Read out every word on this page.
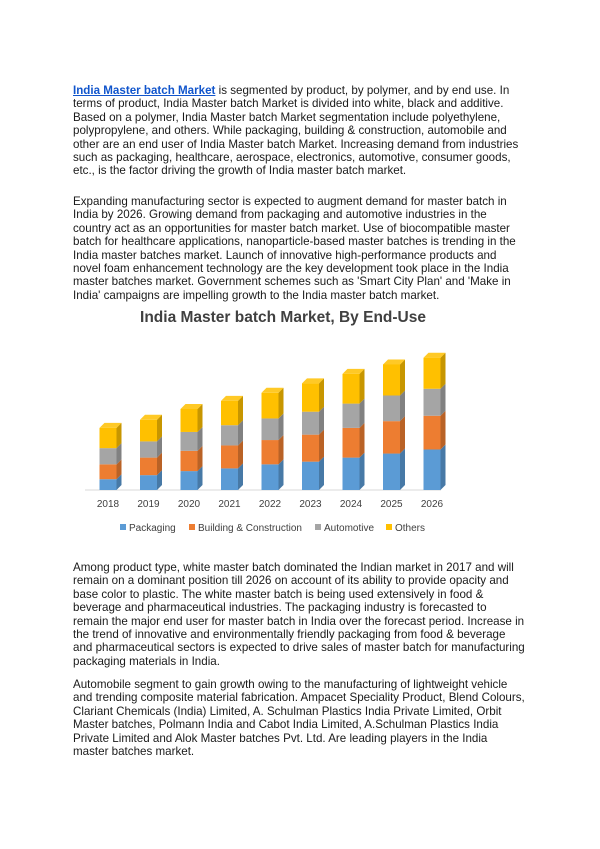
India Master batch Market is segmented by product, by polymer, and by end use. In terms of product, India Master batch Market is divided into white, black and additive. Based on a polymer, India Master batch Market segmentation include polyethylene, polypropylene, and others. While packaging, building & construction, automobile and other are an end user of India Master batch Market. Increasing demand from industries such as packaging, healthcare, aerospace, electronics, automotive, consumer goods, etc., is the factor driving the growth of India master batch market.

Expanding manufacturing sector is expected to augment demand for master batch in India by 2026. Growing demand from packaging and automotive industries in the country act as an opportunities for master batch market. Use of biocompatible master batch for healthcare applications, nanoparticle-based master batches is trending in the India master batches market. Launch of innovative high-performance products and novel foam enhancement technology are the key development took place in the India master batches market. Government schemes such as 'Smart City Plan' and 'Make in India' campaigns are impelling growth to the India master batch market.

India Master batch Market, By End-Use
2018 2019 2020 2021 2022 2023 2024 2025 2026
Packaging Building & Construction Automotive Others

Among product type, white master batch dominated the Indian market in 2017 and will remain on a dominant position till 2026 on account of its ability to provide opacity and base color to plastic. The white master batch is being used extensively in food & beverage and pharmaceutical industries. The packaging industry is forecasted to remain the major end user for master batch in India over the forecast period. Increase in the trend of innovative and environmentally friendly packaging from food & beverage and pharmaceutical sectors is expected to drive sales of master batch for manufacturing packaging materials in India.

Automobile segment to gain growth owing to the manufacturing of lightweight vehicle and trending composite material fabrication. Ampacet Speciality Product, Blend Colours, Clariant Chemicals (India) Limited, A. Schulman Plastics India Private Limited, Orbit Master batches, Polmann India and Cabot India Limited, A.Schulman Plastics India Private Limited and Alok Master batches Pvt. Ltd. Are leading players in the India master batches market.
